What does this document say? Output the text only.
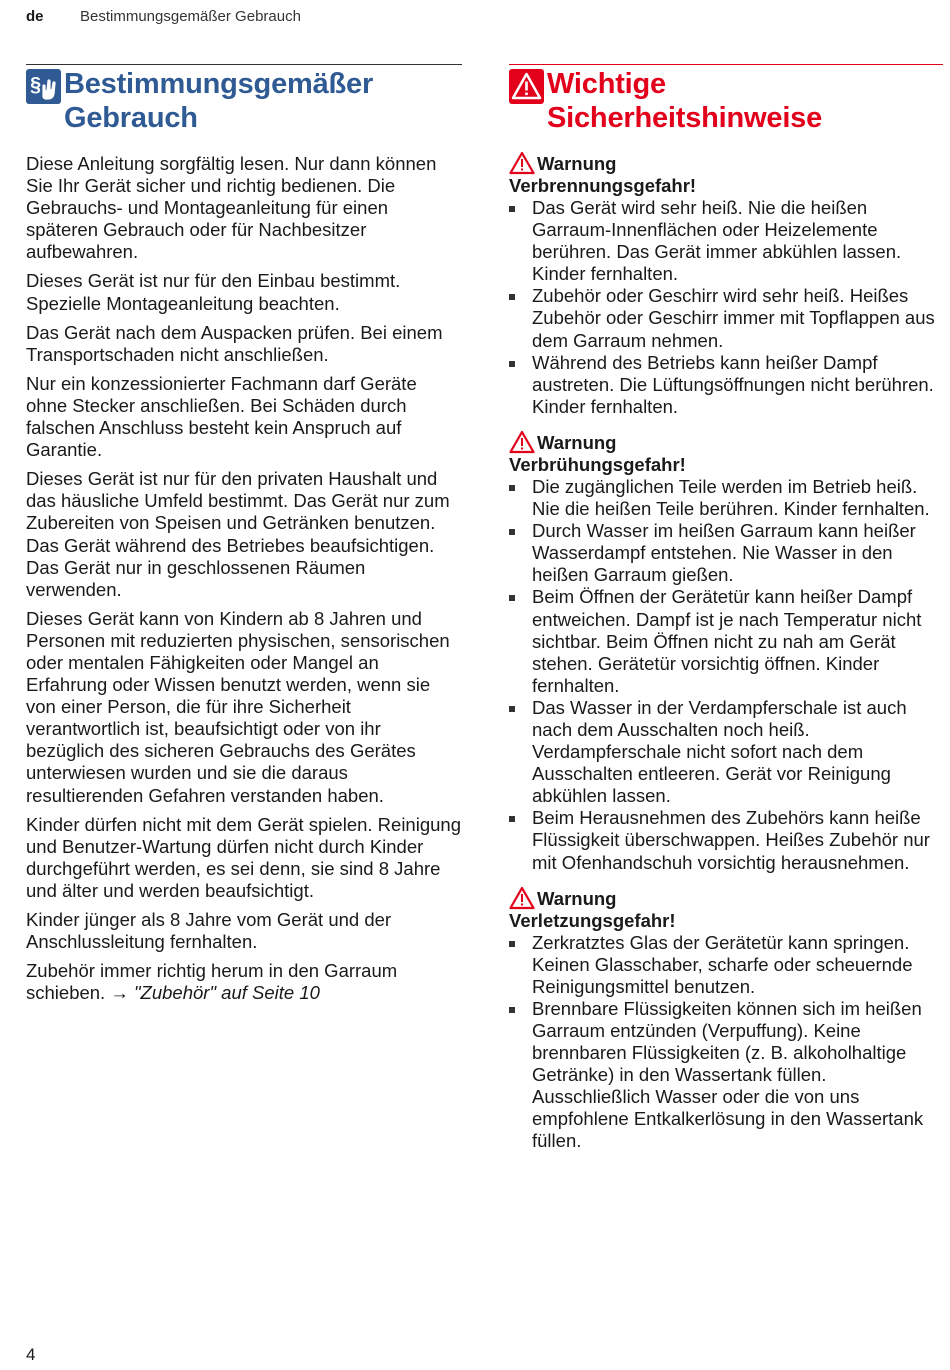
de Bestimmungsgemäßer Gebrauch
§ Bestimmungsgemäßer
Gebrauch

Diese Anleitung sorgfältig lesen. Nur dann können Sie Ihr Gerät sicher und richtig bedienen. Die Gebrauchs- und Montageanleitung für einen späteren Gebrauch oder für Nachbesitzer aufbewahren.

Dieses Gerät ist nur für den Einbau bestimmt. Spezielle Montageanleitung beachten.

Das Gerät nach dem Auspacken prüfen. Bei einem Transportschaden nicht anschließen.

Nur ein konzessionierter Fachmann darf Geräte ohne Stecker anschließen. Bei Schäden durch falschen Anschluss besteht kein Anspruch auf Garantie.

Dieses Gerät ist nur für den privaten Haushalt und das häusliche Umfeld bestimmt. Das Gerät nur zum Zubereiten von Speisen und Getränken benutzen. Das Gerät während des Betriebes beaufsichtigen. Das Gerät nur in geschlossenen Räumen verwenden.

Dieses Gerät kann von Kindern ab 8 Jahren und Personen mit reduzierten physischen, sensorischen oder mentalen Fähigkeiten oder Mangel an Erfahrung oder Wissen benutzt werden, wenn sie von einer Person, die für ihre Sicherheit verantwortlich ist, beaufsichtigt oder von ihr bezüglich des sicheren Gebrauchs des Gerätes unterwiesen wurden und sie die daraus resultierenden Gefahren verstanden haben.

Kinder dürfen nicht mit dem Gerät spielen. Reinigung und Benutzer-Wartung dürfen nicht durch Kinder durchgeführt werden, es sei denn, sie sind 8 Jahre und älter und werden beaufsichtigt.

Kinder jünger als 8 Jahre vom Gerät und der Anschlussleitung fernhalten.

Zubehör immer richtig herum in den Garraum schieben. → "Zubehör" auf Seite 10

Wichtige
Sicherheitshinweise
Warnung
Verbrennungsgefahr!
Das Gerät wird sehr heiß. Nie die heißen Garraum-Innenflächen oder Heizelemente berühren. Das Gerät immer abkühlen lassen. Kinder fernhalten.
Zubehör oder Geschirr wird sehr heiß. Heißes Zubehör oder Geschirr immer mit Topflappen aus dem Garraum nehmen.
Während des Betriebs kann heißer Dampf austreten. Die Lüftungsöffnungen nicht berühren. Kinder fernhalten.
Warnung
Verbrühungsgefahr!
Die zugänglichen Teile werden im Betrieb heiß. Nie die heißen Teile berühren. Kinder fernhalten.
Durch Wasser im heißen Garraum kann heißer Wasserdampf entstehen. Nie Wasser in den heißen Garraum gießen.
Beim Öffnen der Gerätetür kann heißer Dampf entweichen. Dampf ist je nach Temperatur nicht sichtbar. Beim Öffnen nicht zu nah am Gerät stehen. Gerätetür vorsichtig öffnen. Kinder fernhalten.
Das Wasser in der Verdampferschale ist auch nach dem Ausschalten noch heiß. Verdampferschale nicht sofort nach dem Ausschalten entleeren. Gerät vor Reinigung abkühlen lassen.
Beim Herausnehmen des Zubehörs kann heiße Flüssigkeit überschwappen. Heißes Zubehör nur mit Ofenhandschuh vorsichtig herausnehmen.
Warnung
Verletzungsgefahr!
Zerkratztes Glas der Gerätetür kann springen. Keinen Glasschaber, scharfe oder scheuernde Reinigungsmittel benutzen.
Brennbare Flüssigkeiten können sich im heißen Garraum entzünden (Verpuffung). Keine brennbaren Flüssigkeiten (z. B. alkoholhaltige Getränke) in den Wassertank füllen. Ausschließlich Wasser oder die von uns empfohlene Entkalkerlösung in den Wassertank füllen.
4
